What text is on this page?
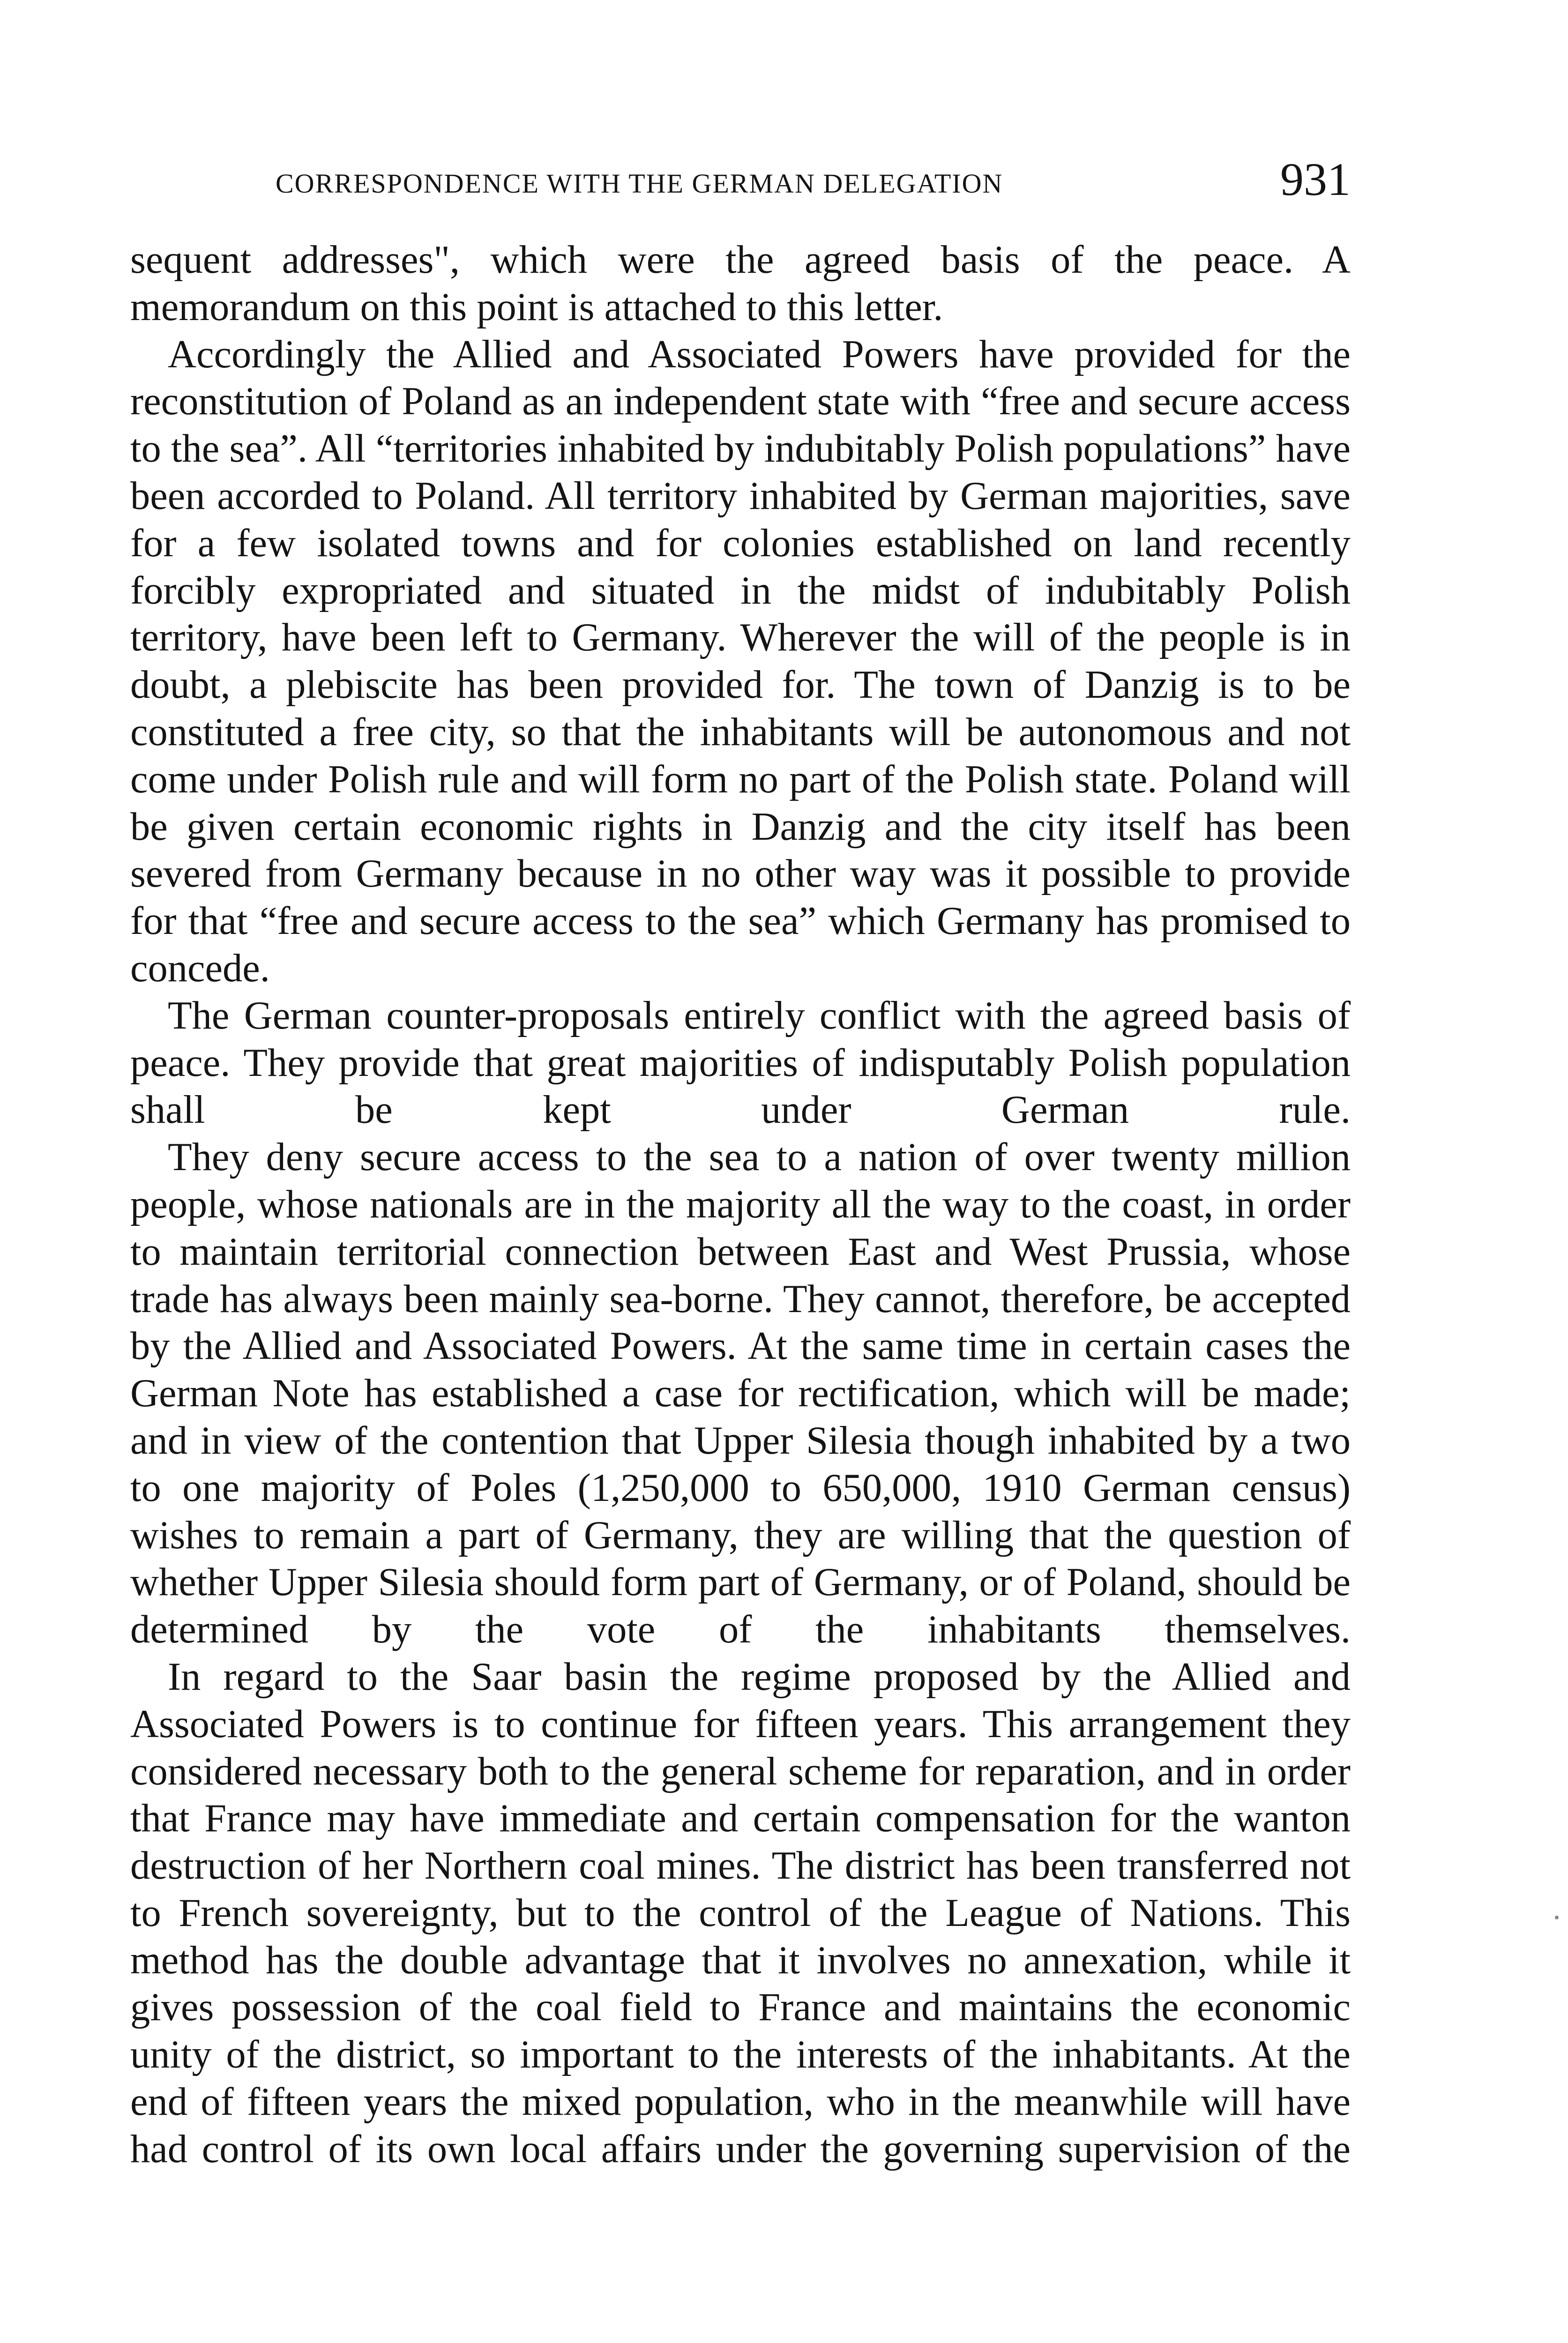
CORRESPONDENCE WITH THE GERMAN DELEGATION	931

sequent addresses", which were the agreed basis of the peace. A memorandum on this point is attached to this letter.

Accordingly the Allied and Associated Powers have provided for the reconstitution of Poland as an independent state with “free and secure access to the sea”. All “territories inhabited by indubitably Polish populations” have been accorded to Poland. All territory inhabited by German majorities, save for a few isolated towns and for colonies established on land recently forcibly expropriated and situated in the midst of indubitably Polish territory, have been left to Germany. Wherever the will of the people is in doubt, a plebiscite has been provided for. The town of Danzig is to be constituted a free city, so that the inhabitants will be autonomous and not come under Polish rule and will form no part of the Polish state. Poland will be given certain economic rights in Danzig and the city itself has been severed from Germany because in no other way was it possible to provide for that “free and secure access to the sea” which Germany has promised to concede.

The German counter-proposals entirely conflict with the agreed basis of peace. They provide that great majorities of indisputably Polish population shall be kept under German rule.

They deny secure access to the sea to a nation of over twenty million people, whose nationals are in the majority all the way to the coast, in order to maintain territorial connection between East and West Prussia, whose trade has always been mainly sea-borne. They cannot, therefore, be accepted by the Allied and Associated Powers. At the same time in certain cases the German Note has established a case for rectification, which will be made; and in view of the contention that Upper Silesia though inhabited by a two to one majority of Poles (1,250,000 to 650,000, 1910 German census) wishes to remain a part of Germany, they are willing that the question of whether Upper Silesia should form part of Germany, or of Poland, should be determined by the vote of the inhabitants themselves.

In regard to the Saar basin the regime proposed by the Allied and Associated Powers is to continue for fifteen years. This arrangement they considered necessary both to the general scheme for reparation, and in order that France may have immediate and certain compensation for the wanton destruction of her Northern coal mines. The district has been transferred not to French sovereignty, but to the control of the League of Nations. This method has the double advantage that it involves no annexation, while it gives possession of the coal field to France and maintains the economic unity of the district, so important to the interests of the inhabitants. At the end of fifteen years the mixed population, who in the meanwhile will have had control of its own local affairs under the governing supervision of the
